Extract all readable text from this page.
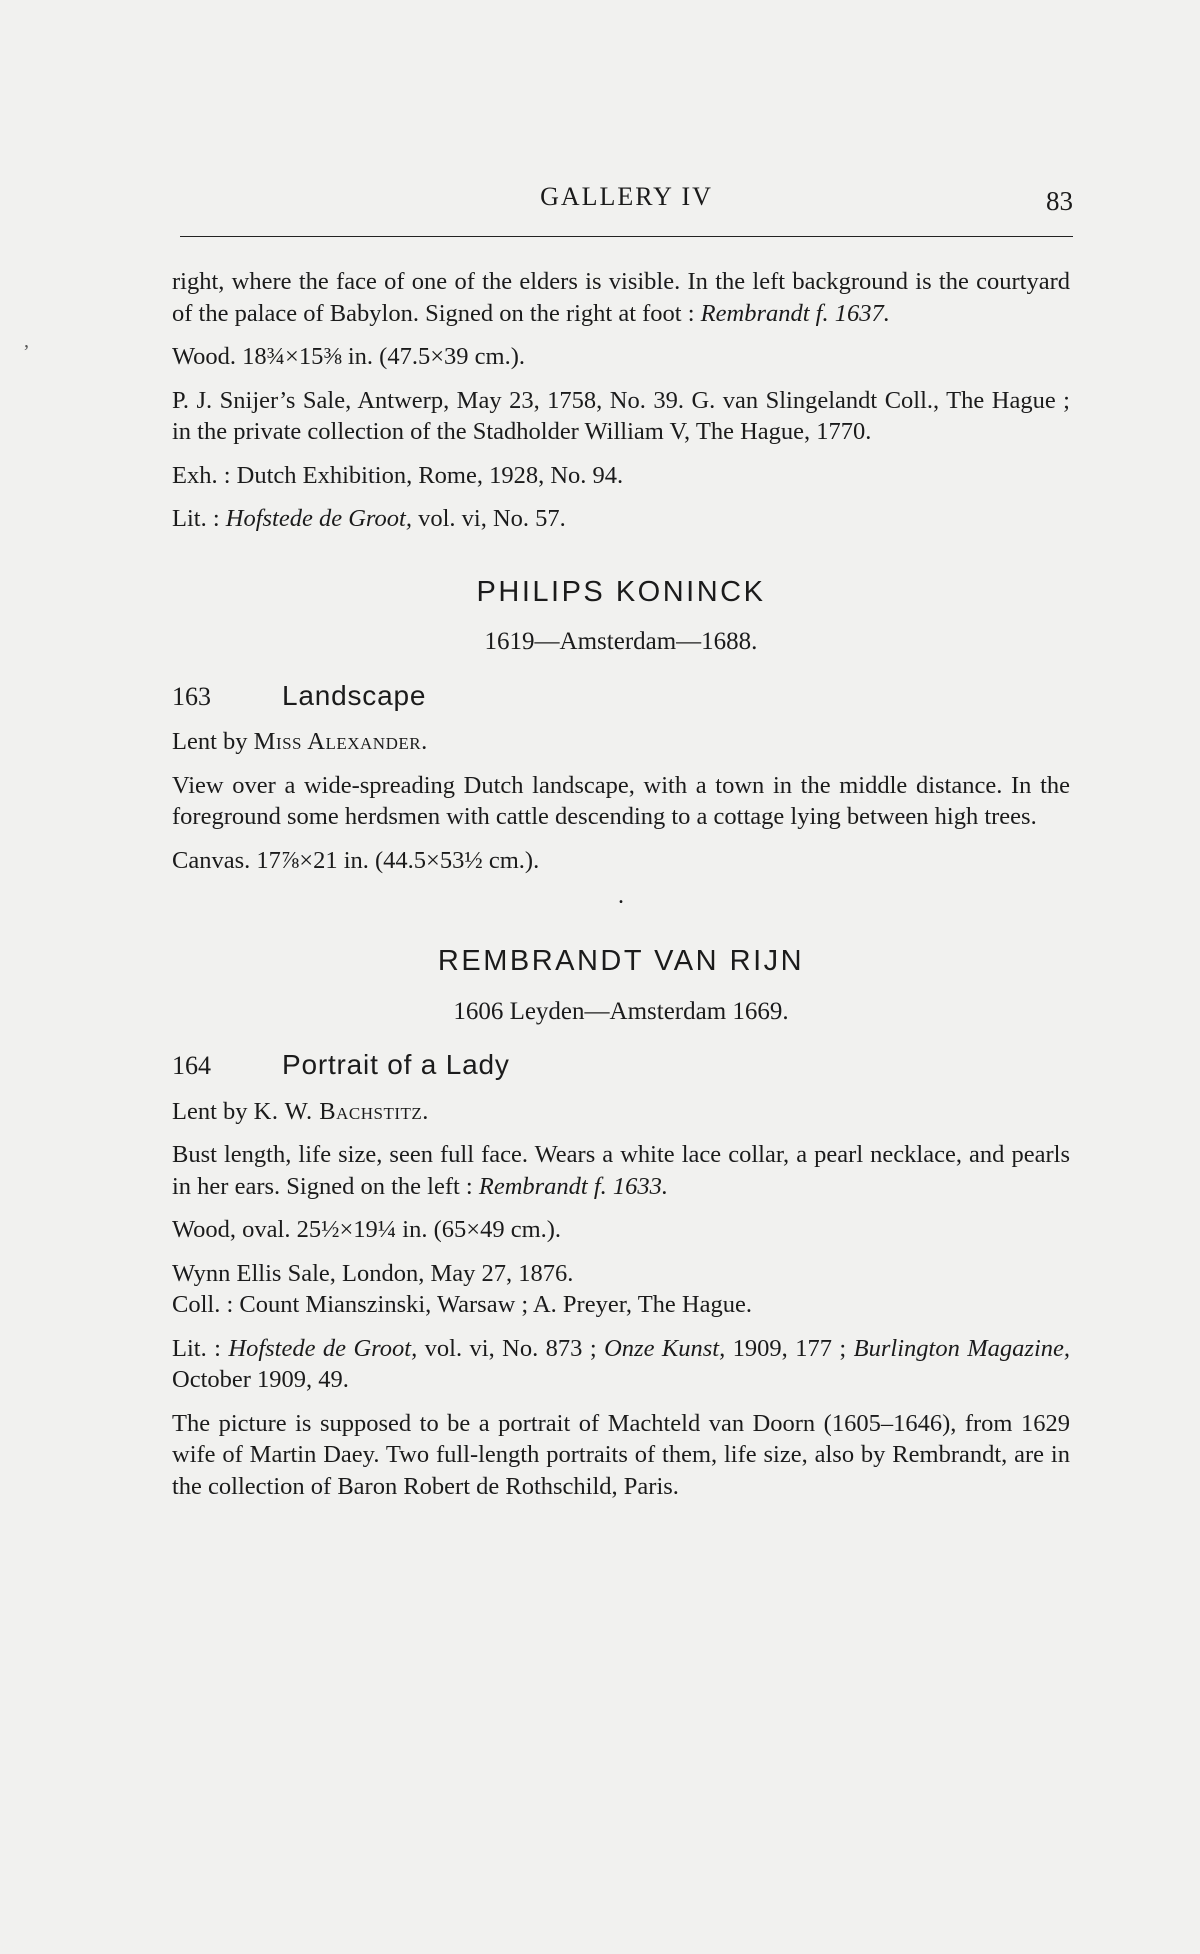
GALLERY IV	83
,

right, where the face of one of the elders is visible. In the left background is the courtyard of the palace of Babylon. Signed on the right at foot : Rembrandt f. 1637.

Wood. 18¾×15⅜ in. (47.5×39 cm.).

P. J. Snijer’s Sale, Antwerp, May 23, 1758, No. 39. G. van Slingelandt Coll., The Hague ; in the private collection of the Stadholder William V, The Hague, 1770.

Exh. : Dutch Exhibition, Rome, 1928, No. 94.

Lit. : Hofstede de Groot, vol. vi, No. 57.

PHILIPS KONINCK
1619—Amsterdam—1688.
163	Landscape

Lent by Miss Alexander.

View over a wide-spreading Dutch landscape, with a town in the middle distance. In the foreground some herdsmen with cattle descending to a cottage lying between high trees.

Canvas. 17⅞×21 in. (44.5×53½ cm.).

.
REMBRANDT VAN RIJN
1606 Leyden—Amsterdam 1669.
164	Portrait of a Lady

Lent by K. W. Bachstitz.

Bust length, life size, seen full face. Wears a white lace collar, a pearl necklace, and pearls in her ears. Signed on the left : Rembrandt f. 1633.

Wood, oval. 25½×19¼ in. (65×49 cm.).

Wynn Ellis Sale, London, May 27, 1876.

Coll. : Count Mianszinski, Warsaw ; A. Preyer, The Hague.

Lit. : Hofstede de Groot, vol. vi, No. 873 ; Onze Kunst, 1909, 177 ; Burlington Magazine, October 1909, 49.

The picture is supposed to be a portrait of Machteld van Doorn (1605–1646), from 1629 wife of Martin Daey. Two full-length portraits of them, life size, also by Rembrandt, are in the collection of Baron Robert de Rothschild, Paris.
